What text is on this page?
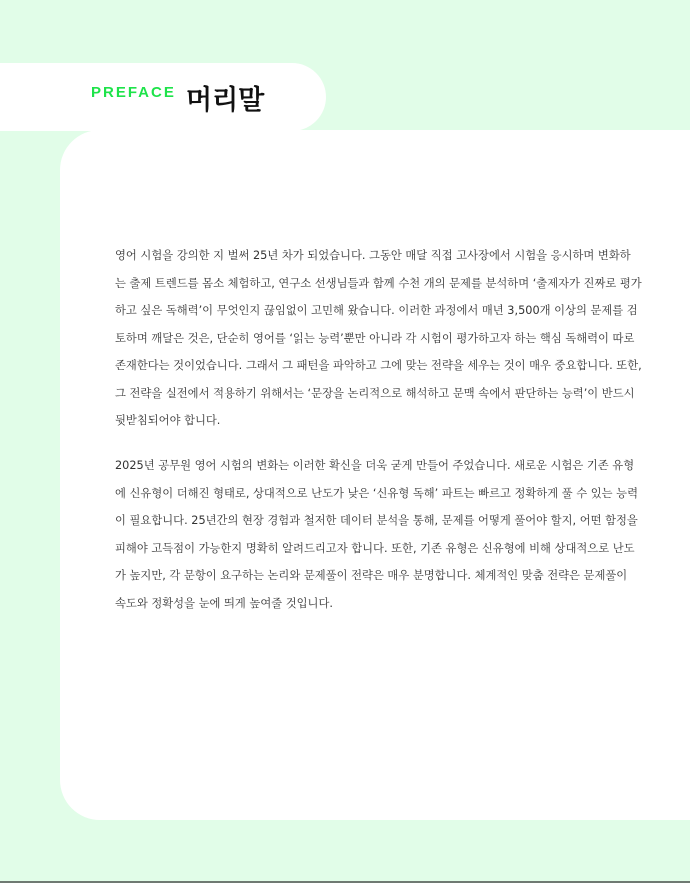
PREFACE 머리말
영어 시험을 강의한 지 벌써 25년 차가 되었습니다. 그동안 매달 직접 고사장에서 시험을 응시하며 변화하
는 출제 트렌드를 몸소 체험하고, 연구소 선생님들과 함께 수천 개의 문제를 분석하며 ‘출제자가 진짜로 평가
하고 싶은 독해력’이 무엇인지 끊임없이 고민해 왔습니다. 이러한 과정에서 매년 3,500개 이상의 문제를 검
토하며 깨달은 것은, 단순히 영어를 ‘읽는 능력’뿐만 아니라 각 시험이 평가하고자 하는 핵심 독해력이 따로
존재한다는 것이었습니다. 그래서 그 패턴을 파악하고 그에 맞는 전략을 세우는 것이 매우 중요합니다. 또한,
그 전략을 실전에서 적용하기 위해서는 ‘문장을 논리적으로 해석하고 문맥 속에서 판단하는 능력’이 반드시
뒷받침되어야 합니다.
2025년 공무원 영어 시험의 변화는 이러한 확신을 더욱 굳게 만들어 주었습니다. 새로운 시험은 기존 유형
에 신유형이 더해진 형태로, 상대적으로 난도가 낮은 ‘신유형 독해’ 파트는 빠르고 정확하게 풀 수 있는 능력
이 필요합니다. 25년간의 현장 경험과 철저한 데이터 분석을 통해, 문제를 어떻게 풀어야 할지, 어떤 함정을
피해야 고득점이 가능한지 명확히 알려드리고자 합니다. 또한, 기존 유형은 신유형에 비해 상대적으로 난도
가 높지만, 각 문항이 요구하는 논리와 문제풀이 전략은 매우 분명합니다. 체계적인 맞춤 전략은 문제풀이
속도와 정확성을 눈에 띄게 높여줄 것입니다.
